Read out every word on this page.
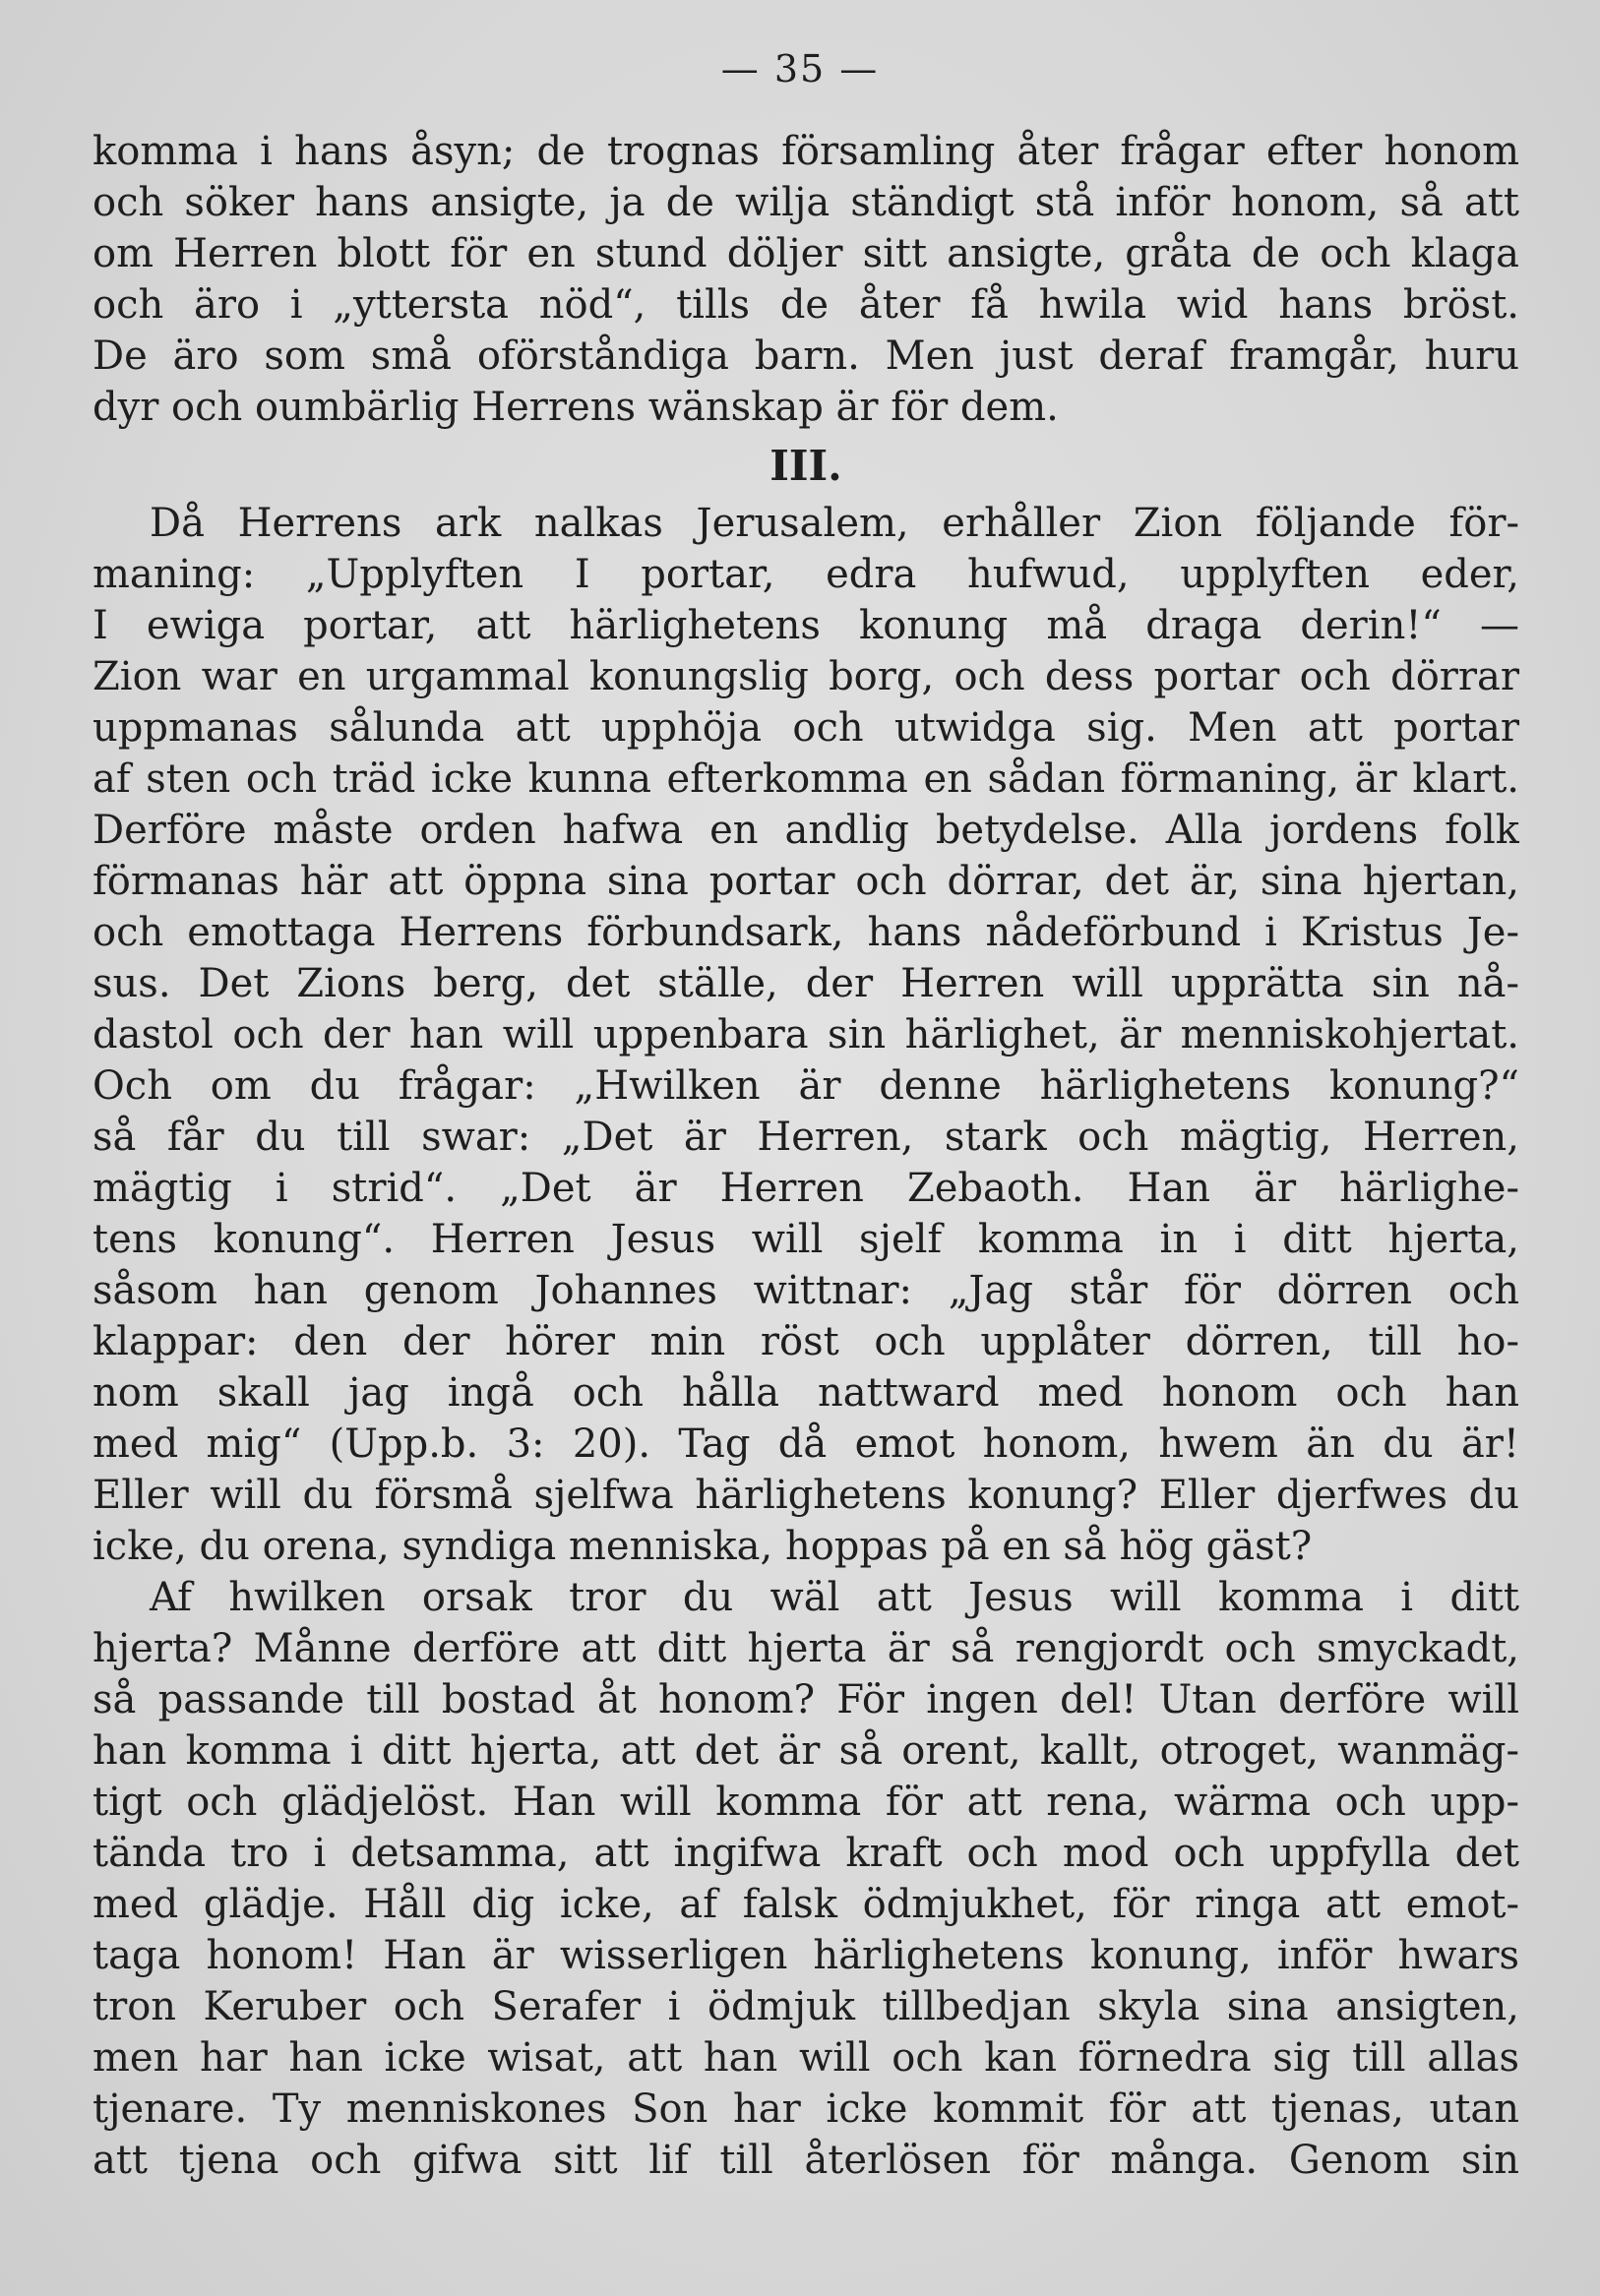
— 35 —
komma i hans åsyn; de trognas församling åter frågar efter honom
och söker hans ansigte, ja de wilja ständigt stå inför honom, så att
om Herren blott för en stund döljer sitt ansigte, gråta de och klaga
och äro i „yttersta nöd“, tills de åter få hwila wid hans bröst.
De äro som små oförståndiga barn. Men just deraf framgår, huru
dyr och oumbärlig Herrens wänskap är för dem.
III.
Då Herrens ark nalkas Jerusalem, erhåller Zion följande för-
maning: „Upplyften I portar, edra hufwud, upplyften eder,
I ewiga portar, att härlighetens konung må draga derin!“ —
Zion war en urgammal konungslig borg, och dess portar och dörrar
uppmanas sålunda att upphöja och utwidga sig. Men att portar
af sten och träd icke kunna efterkomma en sådan förmaning, är klart.
Derföre måste orden hafwa en andlig betydelse. Alla jordens folk
förmanas här att öppna sina portar och dörrar, det är, sina hjertan,
och emottaga Herrens förbundsark, hans nådeförbund i Kristus Je-
sus. Det Zions berg, det ställe, der Herren will upprätta sin nå-
dastol och der han will uppenbara sin härlighet, är menniskohjertat.
Och om du frågar: „Hwilken är denne härlighetens konung?“
så får du till swar: „Det är Herren, stark och mägtig, Herren,
mägtig i strid“. „Det är Herren Zebaoth. Han är härlighe-
tens konung“. Herren Jesus will sjelf komma in i ditt hjerta,
såsom han genom Johannes wittnar: „Jag står för dörren och
klappar: den der hörer min röst och upplåter dörren, till ho-
nom skall jag ingå och hålla nattward med honom och han
med mig“ (Upp.b. 3: 20). Tag då emot honom, hwem än du är!
Eller will du försmå sjelfwa härlighetens konung? Eller djerfwes du
icke, du orena, syndiga menniska, hoppas på en så hög gäst?
Af hwilken orsak tror du wäl att Jesus will komma i ditt
hjerta? Månne derföre att ditt hjerta är så rengjordt och smyckadt,
så passande till bostad åt honom? För ingen del! Utan derföre will
han komma i ditt hjerta, att det är så orent, kallt, otroget, wanmäg-
tigt och glädjelöst. Han will komma för att rena, wärma och upp-
tända tro i detsamma, att ingifwa kraft och mod och uppfylla det
med glädje. Håll dig icke, af falsk ödmjukhet, för ringa att emot-
taga honom! Han är wisserligen härlighetens konung, inför hwars
tron Keruber och Serafer i ödmjuk tillbedjan skyla sina ansigten,
men har han icke wisat, att han will och kan förnedra sig till allas
tjenare. Ty menniskones Son har icke kommit för att tjenas, utan
att tjena och gifwa sitt lif till återlösen för många. Genom sin
